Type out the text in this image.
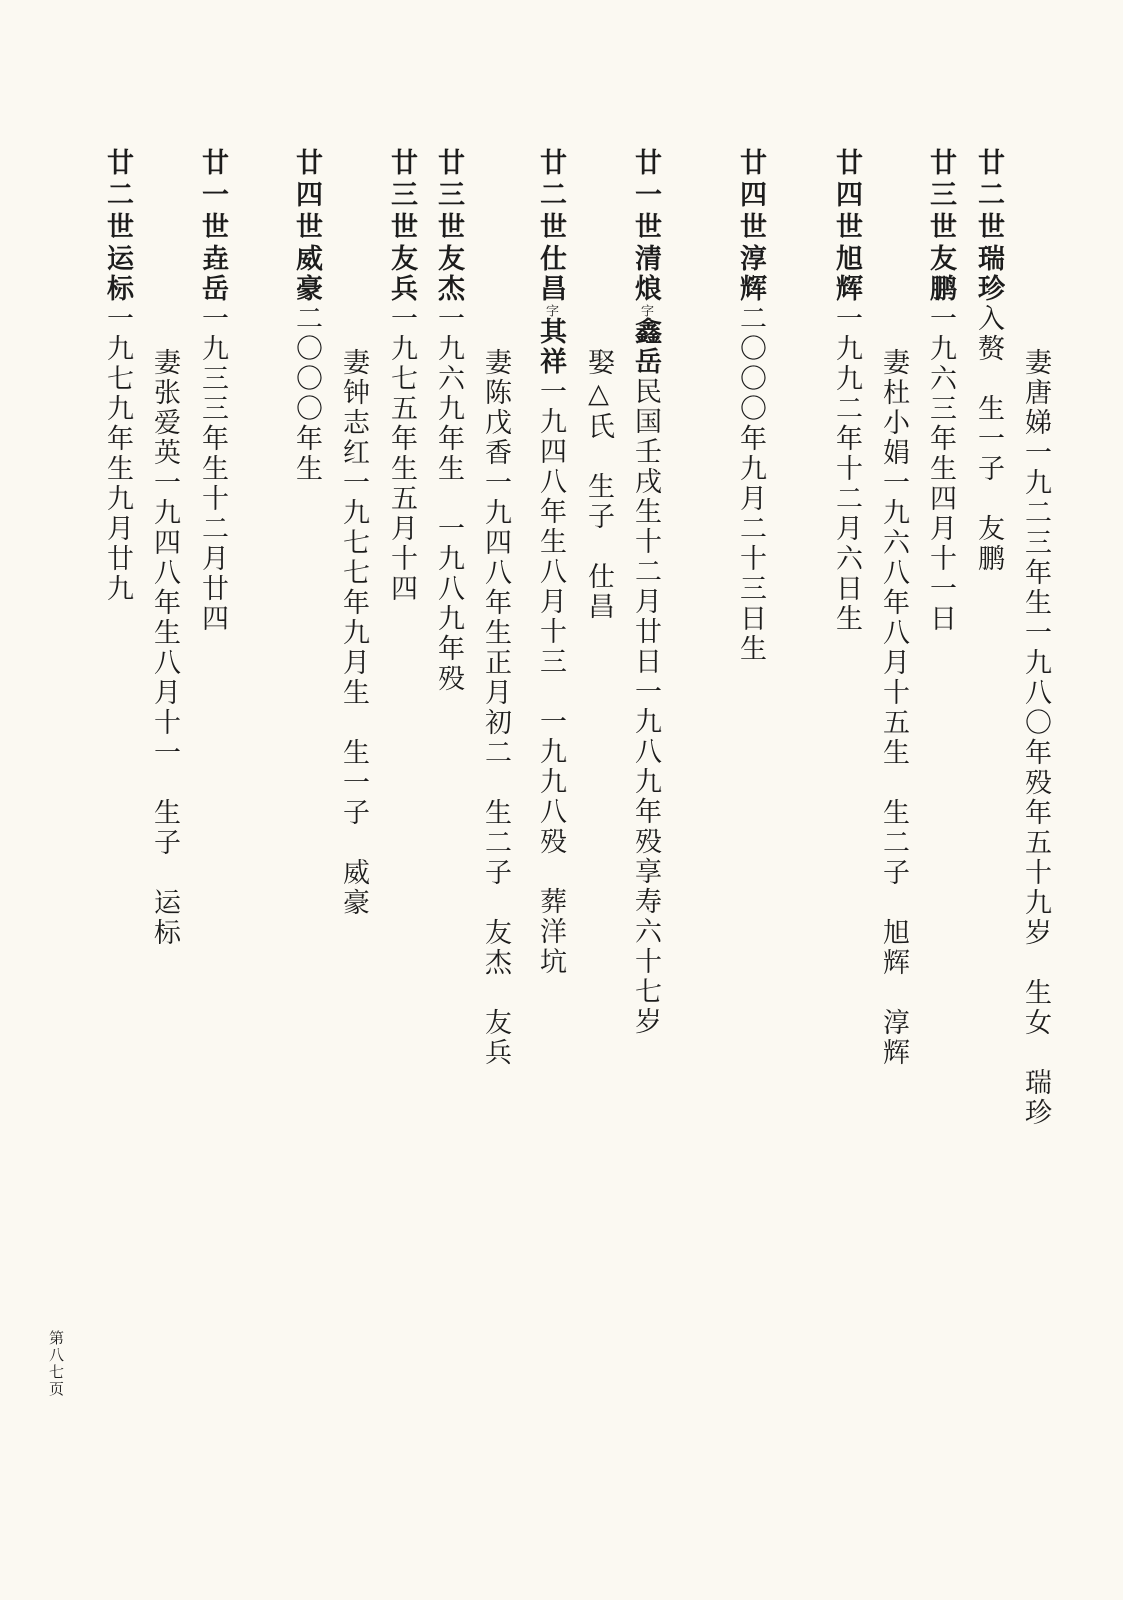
妻唐娣一九二三年生一九八〇年殁年五十九岁　生女　瑞珍
廿二世瑞珍入赘　生一子　友鹏
廿三世友鹏一九六三年生四月十一日
妻杜小娟一九六八年八月十五生　生二子　旭辉　淳辉
廿四世旭辉一九九二年十二月六日生
廿四世淳辉二〇〇〇年九月二十三日生
廿一世清烺字鑫岳民国壬戌生十二月廿日一九八九年殁享寿六十七岁
娶△氏　生子　仕昌
廿二世仕昌字其祥一九四八年生八月十三　一九九八殁　葬洋坑
妻陈戊香一九四八年生正月初二　生二子　友杰　友兵
廿三世友杰一九六九年生　一九八九年殁
廿三世友兵一九七五年生五月十四
妻钟志红一九七七年九月生　生一子　威豪
廿四世威豪二〇〇〇年生
廿一世垚岳一九三三年生十二月廿四
妻张爱英一九四八年生八月十一　生子　运标
廿二世运标一九七九年生九月廿九
第八七页
